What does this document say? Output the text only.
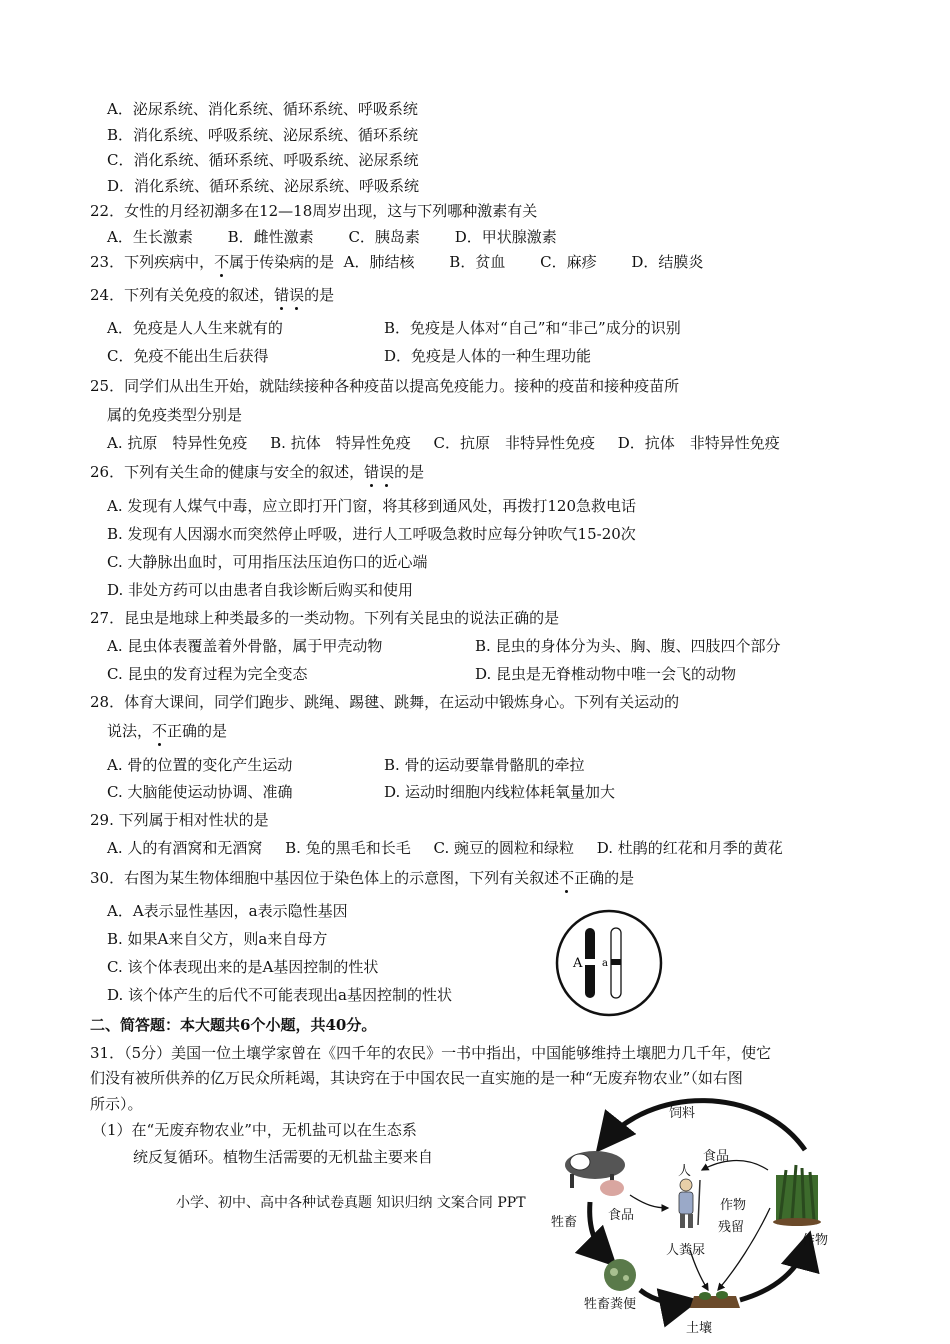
A．泌尿系统、消化系统、循环系统、呼吸系统
B．消化系统、呼吸系统、泌尿系统、循环系统
C．消化系统、循环系统、呼吸系统、泌尿系统
D．消化系统、循环系统、泌尿系统、呼吸系统
22．女性的月经初潮多在12—18周岁出现，这与下列哪种激素有关
A．生长激素 B．雌性激素 C．胰岛素 D．甲状腺激素
23．下列疾病中，不属于传染病的是 A．肺结核 B．贫血 C．麻疹 D．结膜炎
24．下列有关免疫的叙述，错误的是
A．免疫是人人生来就有的	B．免疫是人体对“自己”和“非己”成分的识别
C．免疫不能出生后获得	D．免疫是人体的一种生理功能
25．同学们从出生开始，就陆续接种各种疫苗以提高免疫能力。接种的疫苗和接种疫苗所
属的免疫类型分别是
A. 抗原　特异性免疫 B. 抗体　特异性免疫 C．抗原　非特异性免疫 D．抗体　非特异性免疫
26．下列有关生命的健康与安全的叙述，错误的是
A. 发现有人煤气中毒，应立即打开门窗，将其移到通风处，再拨打120急救电话
B. 发现有人因溺水而突然停止呼吸，进行人工呼吸急救时应每分钟吹气15-20次
C. 大静脉出血时，可用指压法压迫伤口的近心端
D. 非处方药可以由患者自我诊断后购买和使用
27．昆虫是地球上种类最多的一类动物。下列有关昆虫的说法正确的是
A. 昆虫体表覆盖着外骨骼，属于甲壳动物	B. 昆虫的身体分为头、胸、腹、四肢四个部分
C. 昆虫的发育过程为完全变态	D. 昆虫是无脊椎动物中唯一会飞的动物
28．体育大课间，同学们跑步、跳绳、踢毽、跳舞，在运动中锻炼身心。下列有关运动的
说法，不正确的是
A. 骨的位置的变化产生运动	B. 骨的运动要靠骨骼肌的牵拉
C. 大脑能使运动协调、准确	D. 运动时细胞内线粒体耗氧量加大
29. 下列属于相对性状的是
A. 人的有酒窝和无酒窝 B. 兔的黑毛和长毛 C. 豌豆的圆粒和绿粒 D. 杜鹃的红花和月季的黄花
30．右图为某生物体细胞中基因位于染色体上的示意图，下列有关叙述不正确的是
A．A表示显性基因，a表示隐性基因
B. 如果A来自父方，则a来自母方
C. 该个体表现出来的是A基因控制的性状
D. 该个体产生的后代不可能表现出a基因控制的性状
A a
二、简答题：本大题共6个小题，共40分。
31．（5分）美国一位土壤学家曾在《四千年的农民》一书中指出，中国能够维持土壤肥力几千年，使它
们没有被所供养的亿万民众所耗竭，其诀窍在于中国农民一直实施的是一种“无废弃物农业”（如右图
所示）。
（1）在“无废弃物农业”中，无机盐可以在生态系
统反复循环。植物生活需要的无机盐主要来自
小学、初中、高中各种试卷真题 知识归纳 文案合同 PPT
饲料
食品
人
作物
残留
食品
牲畜
人粪尿
作物
牲畜粪便
土壤
